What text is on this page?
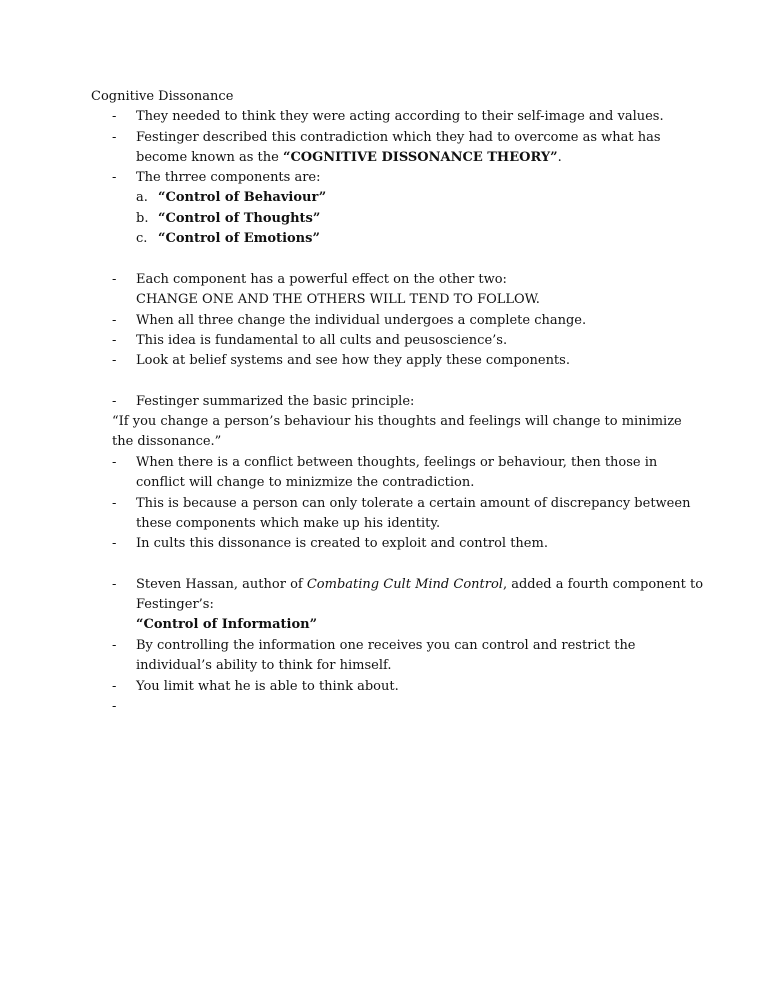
Cognitive Dissonance
- They needed to think they were acting according to their self-image and values.
- Festinger described this contradiction which they had to overcome as what has
become known as the “COGNITIVE DISSONANCE THEORY”.
- The thrree components are:
a. “Control of Behaviour”
b. “Control of Thoughts”
c. “Control of Emotions”
- Each component has a powerful effect on the other two:
CHANGE ONE AND THE OTHERS WILL TEND TO FOLLOW.
- When all three change the individual undergoes a complete change.
- This idea is fundamental to all cults and peusoscience’s.
- Look at belief systems and see how they apply these components.
- Festinger summarized the basic principle:
“If you change a person’s behaviour his thoughts and feelings will change to minimize
the dissonance.”
- When there is a conflict between thoughts, feelings or behaviour, then those in
conflict will change to minizmize the contradiction.
- This is because a person can only tolerate a certain amount of discrepancy between
these components which make up his identity.
- In cults this dissonance is created to exploit and control them.
- Steven Hassan, author of Combating Cult Mind Control, added a fourth component to
Festinger’s:
“Control of Information”
- By controlling the information one receives you can control and restrict the
individual’s ability to think for himself.
- You limit what he is able to think about.
-
